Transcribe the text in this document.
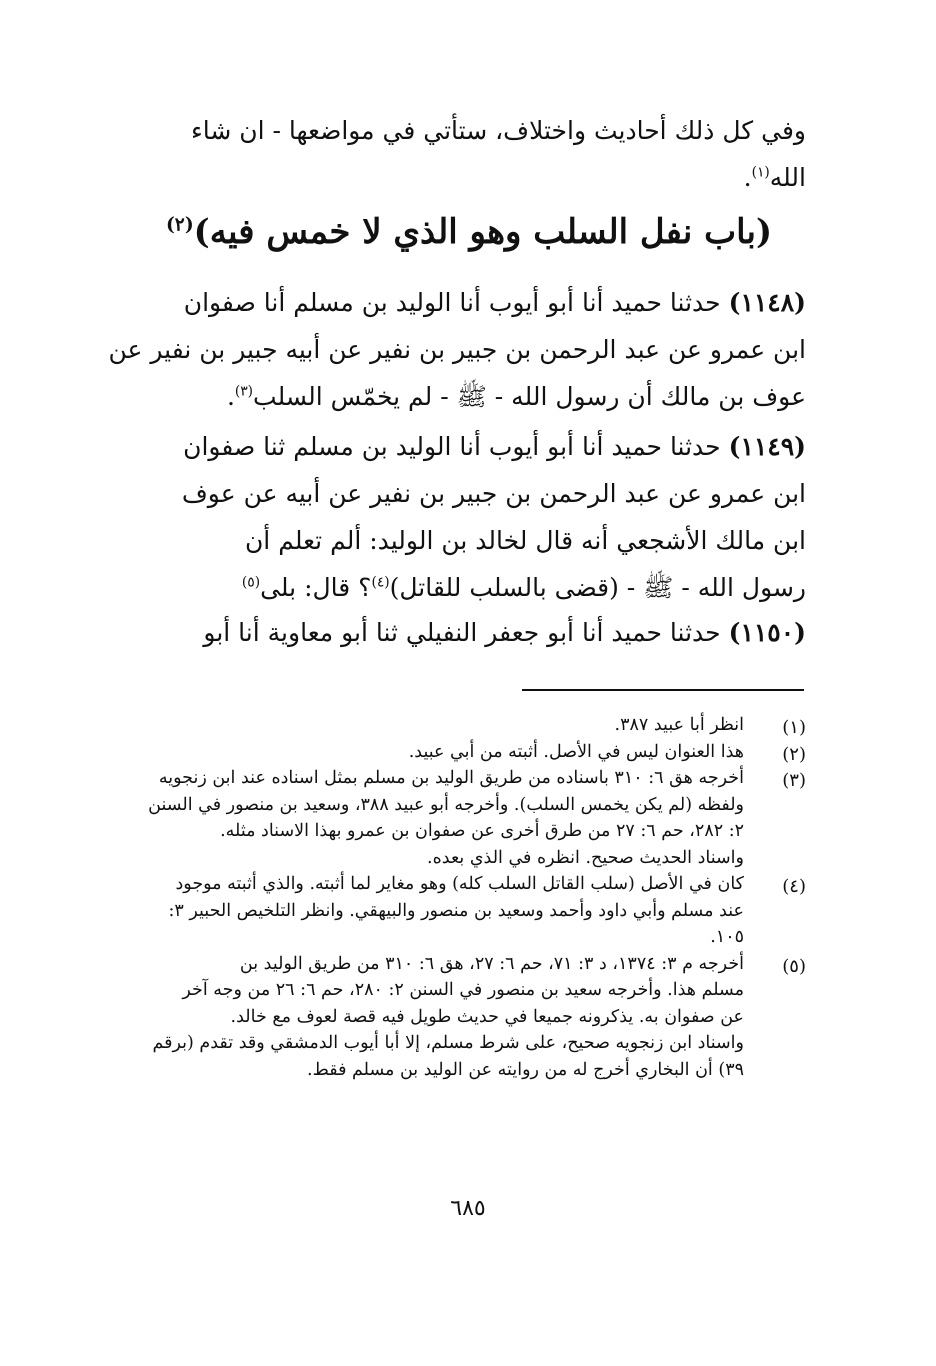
وفي كل ذلك أحاديث واختلاف، ستأتي في مواضعها - ان شاء
الله$^{(١)}$.
(باب نفل السلب وهو الذي لا خمس فيه)$^{(٢)}$
(١١٤٨) حدثنا حميد أنا أبو أيوب أنا الوليد بن مسلم أنا صفوان
ابن عمرو عن عبد الرحمن بن جبير بن نفير عن أبيه جبير بن نفير عن
عوف بن مالك أن رسول الله - ﷺ - لم يخمّس السلب$^{(٣)}$.
(١١٤٩) حدثنا حميد أنا أبو أيوب أنا الوليد بن مسلم ثنا صفوان
ابن عمرو عن عبد الرحمن بن جبير بن نفير عن أبيه عن عوف
ابن مالك الأشجعي أنه قال لخالد بن الوليد: ألم تعلم أن
رسول الله - ﷺ - (قضى بالسلب للقاتل)$^{(٤)}$؟ قال: بلى$^{(٥)}$
(١١٥٠) حدثنا حميد أنا أبو جعفر النفيلي ثنا أبو معاوية أنا أبو
(١)
انظر أبا عبيد ٣٨٧.
(٢)
هذا العنوان ليس في الأصل. أثبته من أبي عبيد.
(٣)
أخرجه هق ٦: ٣١٠ باسناده من طريق الوليد بن مسلم بمثل اسناده عند ابن زنجويه
ولفظه (لم يكن يخمس السلب). وأخرجه أبو عبيد ٣٨٨، وسعيد بن منصور في السنن
٢: ٢٨٢، حم ٦: ٢٧ من طرق أخرى عن صفوان بن عمرو بهذا الاسناد مثله.
واسناد الحديث صحيح. انظره في الذي بعده.
(٤)
كان في الأصل (سلب القاتل السلب كله) وهو مغاير لما أثبته. والذي أثبته موجود
عند مسلم وأبي داود وأحمد وسعيد بن منصور والبيهقي. وانظر التلخيص الحبير ٣:
١٠٥.
(٥)
أخرجه م ٣: ١٣٧٤، د ٣: ٧١، حم ٦: ٢٧، هق ٦: ٣١٠ من طريق الوليد بن
مسلم هذا. وأخرجه سعيد بن منصور في السنن ٢: ٢٨٠، حم ٦: ٢٦ من وجه آخر
عن صفوان به. يذكرونه جميعا في حديث طويل فيه قصة لعوف مع خالد.
واسناد ابن زنجويه صحيح، على شرط مسلم، إلا أبا أيوب الدمشقي وقد تقدم (برقم
٣٩) أن البخاري أخرج له من روايته عن الوليد بن مسلم فقط.
٦٨٥
